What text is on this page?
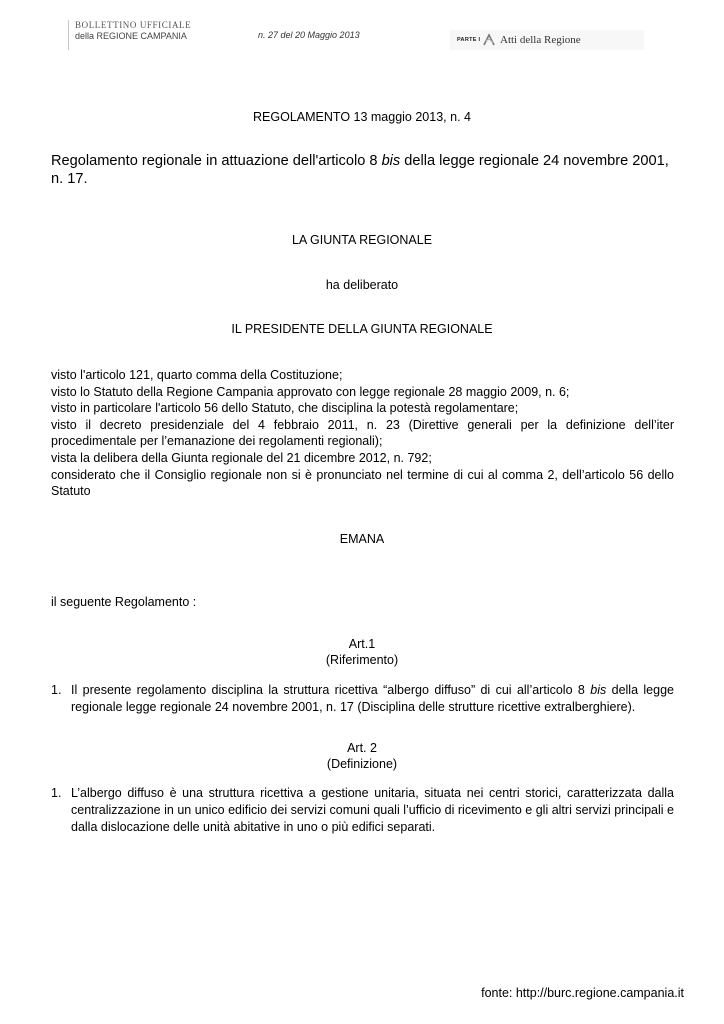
BOLLETTINO UFFICIALE
della REGIONE CAMPANIA	n. 27 del 20 Maggio 2013	PARTE I Atti della Regione
REGOLAMENTO 13 maggio 2013, n. 4
Regolamento regionale in attuazione dell'articolo 8 bis della legge regionale 24 novembre 2001, n. 17.
LA GIUNTA REGIONALE
ha deliberato
IL PRESIDENTE DELLA GIUNTA REGIONALE
visto l'articolo 121, quarto comma della Costituzione;
visto lo Statuto della Regione Campania approvato con legge regionale 28 maggio 2009, n. 6;
visto in particolare l'articolo 56 dello Statuto, che disciplina la potestà regolamentare;
visto il decreto presidenziale del 4 febbraio 2011, n. 23 (Direttive generali per la definizione dell’iter procedimentale per l’emanazione dei regolamenti regionali);
vista la delibera della Giunta regionale del 21 dicembre 2012, n. 792;
considerato che il Consiglio regionale non si è pronunciato nel termine di cui al comma 2, dell’articolo 56 dello Statuto
EMANA
il seguente Regolamento :
Art.1
(Riferimento)
1. Il presente regolamento disciplina la struttura ricettiva “albergo diffuso” di cui all’articolo 8 bis della legge regionale legge regionale 24 novembre 2001, n. 17 (Disciplina delle strutture ricettive extralberghiere).
Art. 2
(Definizione)
1. L’albergo diffuso è una struttura ricettiva a gestione unitaria, situata nei centri storici, caratterizzata dalla centralizzazione in un unico edificio dei servizi comuni quali l’ufficio di ricevimento e gli altri servizi principali e dalla dislocazione delle unità abitative in uno o più edifici separati.
fonte: http://burc.regione.campania.it
